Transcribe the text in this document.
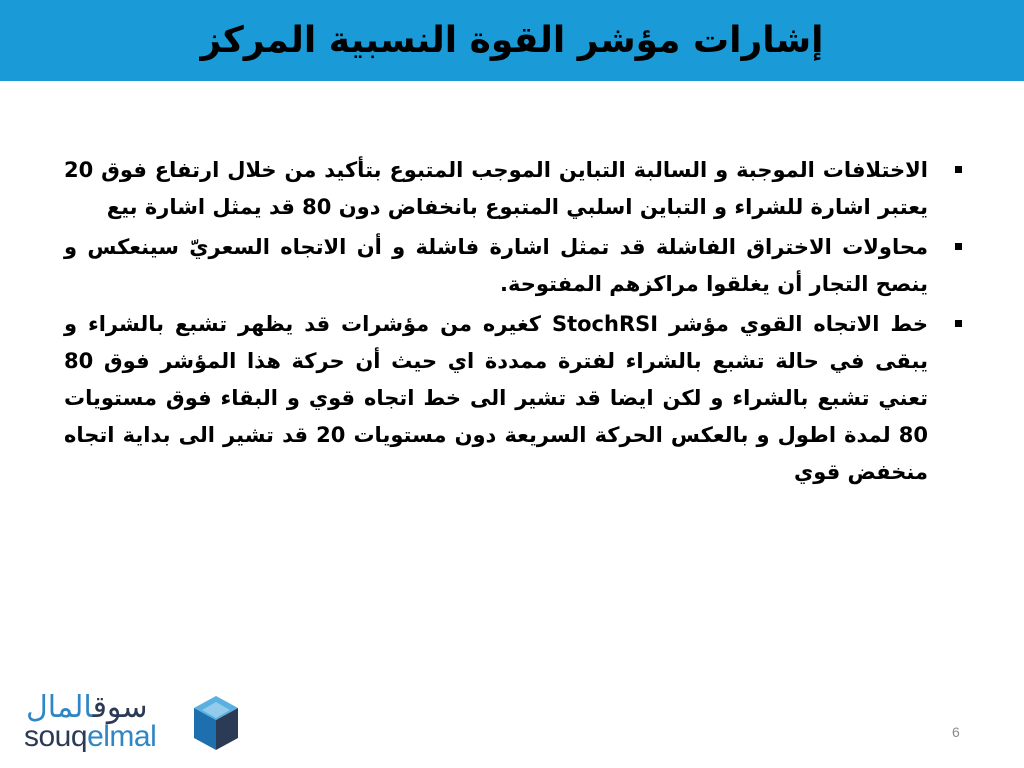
إشارات مؤشر القوة النسبية المركز
الاختلافات الموجبة و السالبة التباين الموجب المتبوع بتأكيد من خلال ارتفاع فوق 20 يعتبر اشارة للشراء و التباين اسلبي المتبوع بانخفاض دون 80 قد يمثل اشارة بيع
محاولات الاختراق الفاشلة قد تمثل اشارة فاشلة و أن الاتجاه السعريّ سينعكس و ينصح التجار أن يغلقوا مراكزهم المفتوحة.
خط الاتجاه القوي مؤشر StochRSI كغيره من مؤشرات قد يظهر تشبع بالشراء و يبقى في حالة تشبع بالشراء لفترة ممددة اي حيث أن حركة هذا المؤشر فوق 80 تعني تشبع بالشراء و لكن ايضا قد تشير الى خط اتجاه قوي و البقاء فوق مستويات 80 لمدة اطول و بالعكس الحركة السريعة دون مستويات 20 قد تشير الى بداية اتجاه منخفض قوي
سوقالمال
souqelmal	6
